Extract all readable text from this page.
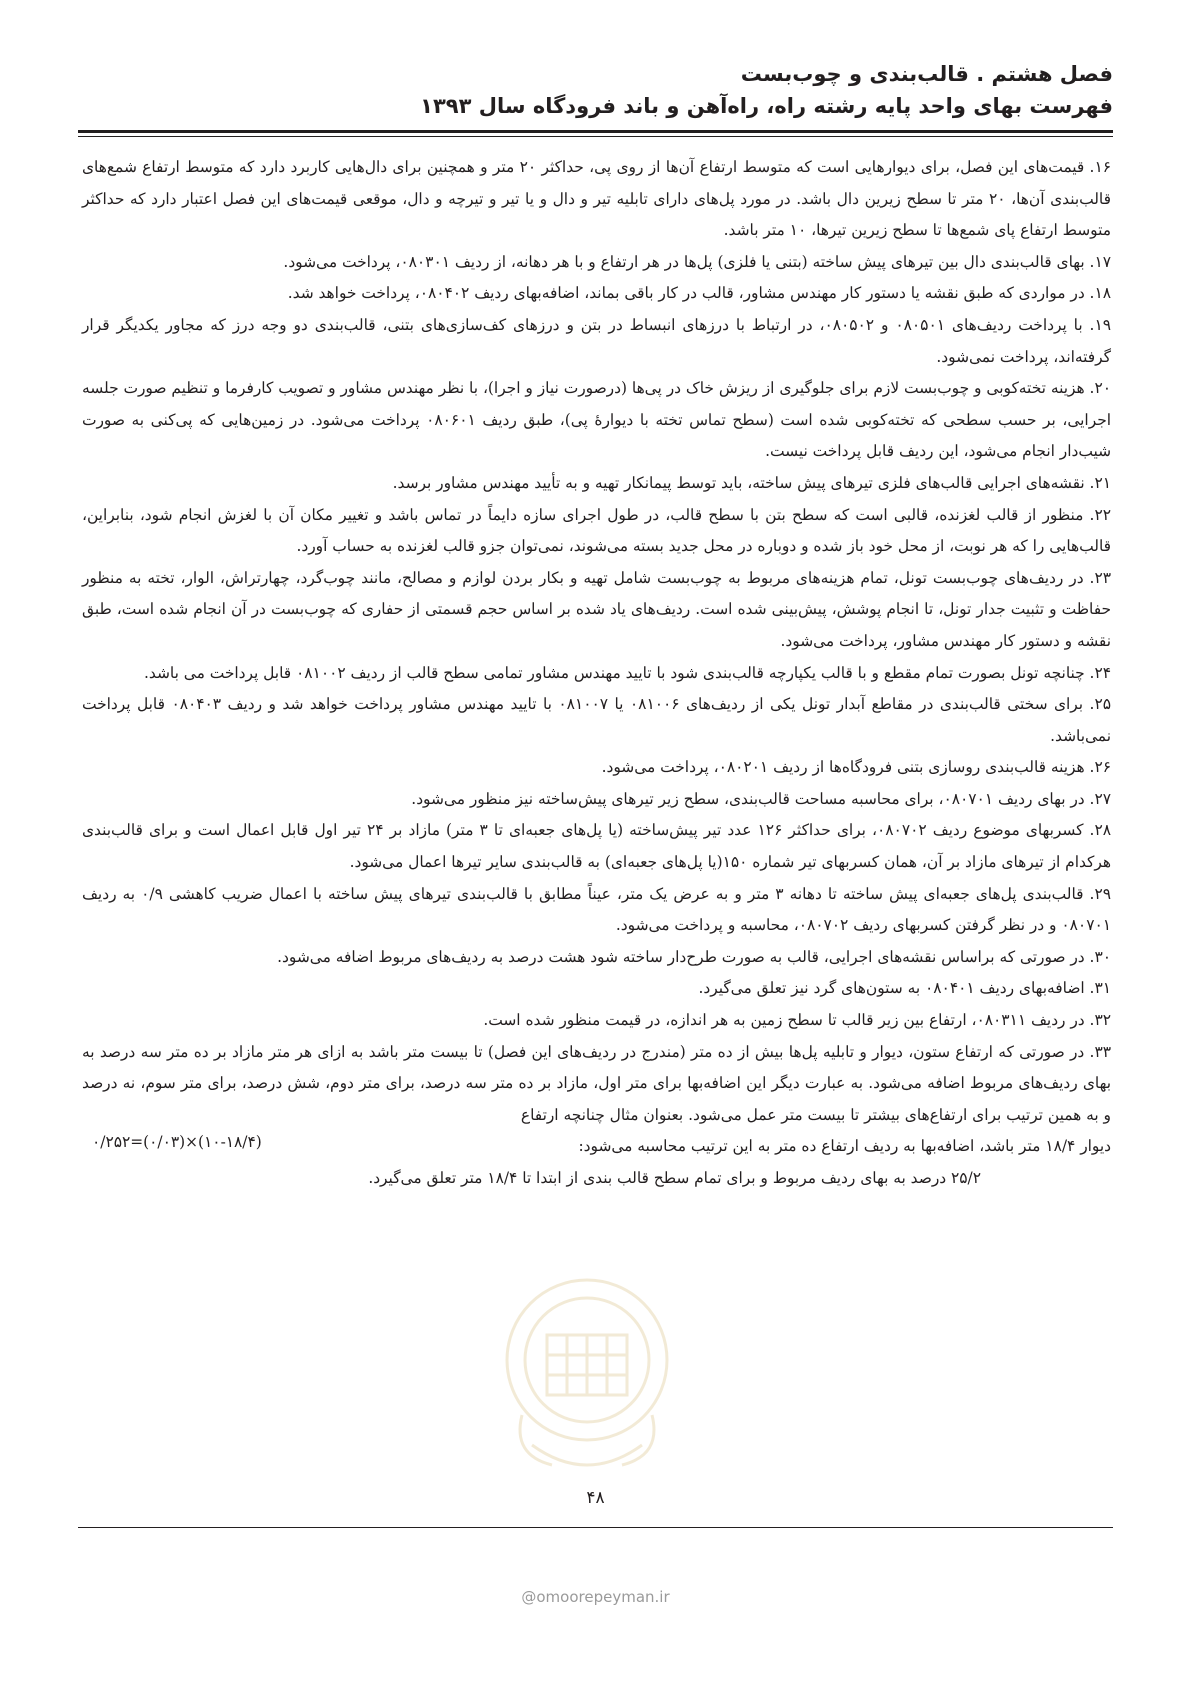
فصل هشتم . قالب‌بندی و چوب‌بست
فهرست بهای واحد پایه رشته راه، راه‌آهن و باند فرودگاه سال ۱۳۹۳

۱۶. قیمت‌های این فصل، برای دیوارهایی است که متوسط ارتفاع آن‌ها از روی پی، حداکثر ۲۰ متر و همچنین برای دال‌هایی کاربرد دارد که متوسط ارتفاع شمع‌های قالب‌بندی آن‌ها، ۲۰ متر تا سطح زیرین دال باشد. در مورد پل‌های دارای تابلیه تیر و دال و یا تیر و تیرچه و دال، موقعی قیمت‌های این فصل اعتبار دارد که حداکثر متوسط ارتفاع پای شمع‌ها تا سطح زیرین تیرها، ۱۰ متر باشد.

۱۷. بهای قالب‌بندی دال بین تیرهای پیش ساخته (بتنی یا فلزی) پل‌ها در هر ارتفاع و با هر دهانه، از ردیف ۰۸۰۳۰۱، پرداخت می‌شود.

۱۸. در مواردی که طبق نقشه یا دستور کار مهندس مشاور، قالب در کار باقی بماند، اضافه‌بهای ردیف ۰۸۰۴۰۲، پرداخت خواهد شد.

۱۹. با پرداخت ردیف‌های ۰۸۰۵۰۱ و ۰۸۰۵۰۲، در ارتباط با درزهای انبساط در بتن و درزهای کف‌سازی‌های بتنی، قالب‌بندی دو وجه درز که مجاور یکدیگر قرار گرفته‌اند، پرداخت نمی‌شود.

۲۰. هزینه تخته‌کوبی و چوب‌بست لازم برای جلوگیری از ریزش خاک در پی‌ها (درصورت نیاز و اجرا)، با نظر مهندس مشاور و تصویب کارفرما و تنظیم صورت جلسه اجرایی، بر حسب سطحی که تخته‌کوبی شده است (سطح تماس تخته با دیوارهٔ پی)، طبق ردیف ۰۸۰۶۰۱ پرداخت می‌شود. در زمین‌هایی که پی‌کنی به صورت شیب‌دار انجام می‌شود، این ردیف قابل پرداخت نیست.

۲۱. نقشه‌های اجرایی قالب‌های فلزی تیرهای پیش ساخته، باید توسط پیمانکار تهیه و به تأیید مهندس مشاور برسد.

۲۲. منظور از قالب لغزنده، قالبی است که سطح بتن با سطح قالب، در طول اجرای سازه دایماً در تماس باشد و تغییر مکان آن با لغزش انجام شود، بنابراین، قالب‌هایی را که هر نوبت، از محل خود باز شده و دوباره در محل جدید بسته می‌شوند، نمی‌توان جزو قالب لغزنده به حساب آورد.

۲۳. در ردیف‌های چوب‌بست تونل، تمام هزینه‌های مربوط به چوب‌بست شامل تهیه و بکار بردن لوازم و مصالح، مانند چوب‌گرد، چهارتراش، الوار، تخته به منظور حفاظت و تثبیت جدار تونل، تا انجام پوشش، پیش‌بینی شده است. ردیف‌های یاد شده بر اساس حجم قسمتی از حفاری که چوب‌بست در آن انجام شده است، طبق نقشه و دستور کار مهندس مشاور، پرداخت می‌شود.

۲۴. چنانچه تونل بصورت تمام مقطع و با قالب یکپارچه قالب‌بندی شود با تایید مهندس مشاور تمامی سطح قالب از ردیف ۰۸۱۰۰۲ قابل پرداخت می باشد.

۲۵. برای سختی قالب‌بندی در مقاطع آبدار تونل یکی از ردیف‌های ۰۸۱۰۰۶ یا ۰۸۱۰۰۷ با تایید مهندس مشاور پرداخت خواهد شد و ردیف ۰۸۰۴۰۳ قابل پرداخت نمی‌باشد.

۲۶. هزینه قالب‌بندی روسازی بتنی فرودگاه‌ها از ردیف ۰۸۰۲۰۱، پرداخت می‌شود.

۲۷. در بهای ردیف ۰۸۰۷۰۱، برای محاسبه مساحت قالب‌بندی، سطح زیر تیرهای پیش‌ساخته نیز منظور می‌شود.

۲۸. کسربهای موضوع ردیف ۰۸۰۷۰۲، برای حداکثر ۱۲۶ عدد تیر پیش‌ساخته (یا پل‌های جعبه‌ای تا ۳ متر) مازاد بر ۲۴ تیر اول قابل اعمال است و برای قالب‌بندی هرکدام از تیرهای مازاد بر آن، همان کسربهای تیر شماره ۱۵۰(یا پل‌های جعبه‌ای) به قالب‌بندی سایر تیرها اعمال می‌شود.

۲۹. قالب‌بندی پل‌های جعبه‌ای پیش ساخته تا دهانه ۳ متر و به عرض یک متر، عیناً مطابق با قالب‌بندی تیرهای پیش ساخته با اعمال ضریب کاهشی ۰/۹ به ردیف ۰۸۰۷۰۱ و در نظر گرفتن کسربهای ردیف ۰۸۰۷۰۲، محاسبه و پرداخت می‌شود.

۳۰. در صورتی که براساس نقشه‌های اجرایی، قالب به صورت طرح‌دار ساخته شود هشت درصد به ردیف‌های مربوط اضافه می‌شود.

۳۱. اضافه‌بهای ردیف ۰۸۰۴۰۱ به ستون‌های گرد نیز تعلق می‌گیرد.

۳۲. در ردیف ۰۸۰۳۱۱، ارتفاع بین زیر قالب تا سطح زمین به هر اندازه، در قیمت منظور شده است.

۳۳. در صورتی که ارتفاع ستون، دیوار و تابلیه پل‌ها بیش از ده متر (مندرج در ردیف‌های این فصل) تا بیست متر باشد به ازای هر متر مازاد بر ده متر سه درصد به بهای ردیف‌های مربوط اضافه می‌شود. به عبارت دیگر این اضافه‌بها برای متر اول، مازاد بر ده متر سه درصد، برای متر دوم، شش درصد، برای متر سوم، نه درصد و به همین ترتیب برای ارتفاع‌های بیشتر تا بیست متر عمل می‌شود. بعنوان مثال چنانچه ارتفاع

دیوار ۱۸/۴ متر باشد، اضافه‌بها به ردیف ارتفاع ده متر به این ترتیب محاسبه می‌شود:
۰/۲۵۲=(۰/۰۳)×(۱۰-۱۸/۴)
۲۵/۲ درصد به بهای ردیف مربوط و برای تمام سطح قالب بندی از ابتدا تا ۱۸/۴ متر تعلق می‌گیرد.
۴۸
@omoorepeyman.ir
